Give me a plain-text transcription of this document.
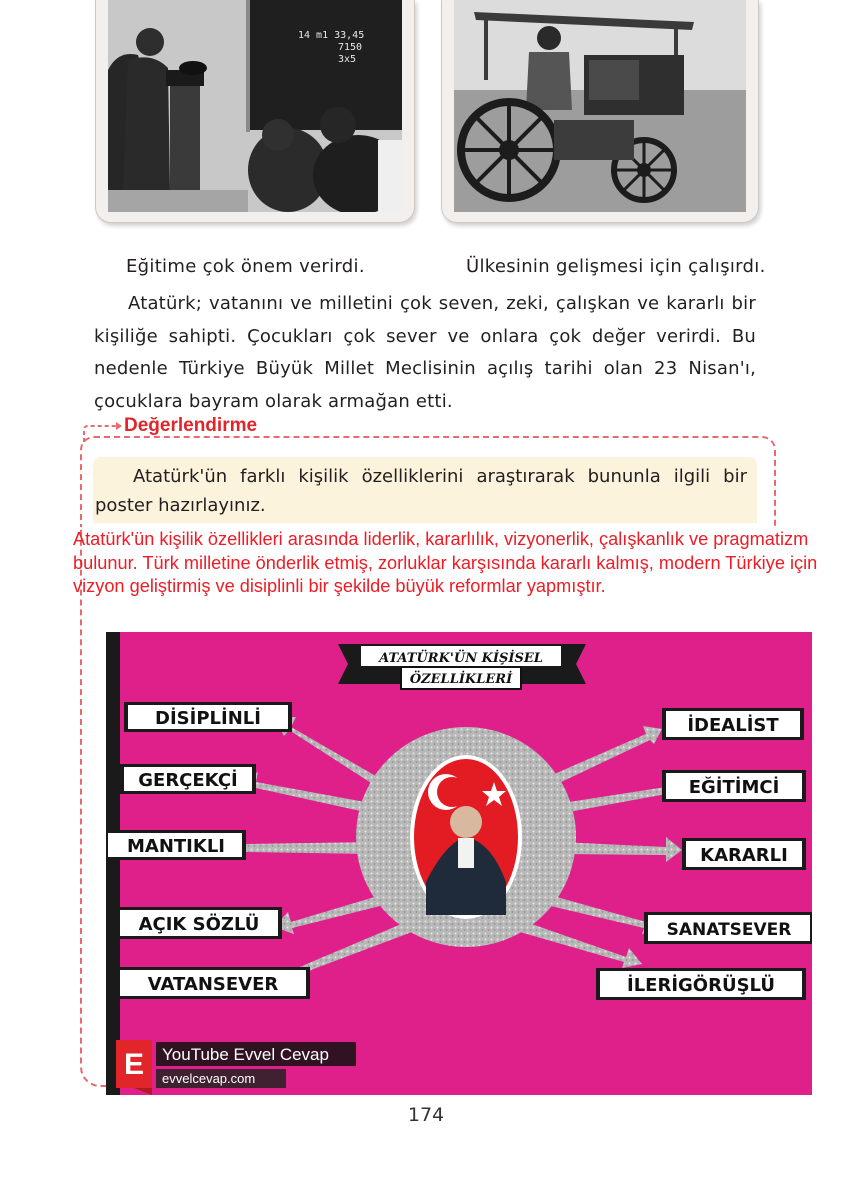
14 m1 33,45
7150
3x5
Eğitime çok önem verirdi.	Ülkesinin gelişmesi için çalışırdı.

Atatürk; vatanını ve milletini çok seven, zeki, çalışkan ve kararlı bir kişiliğe sahipti. Çocukları çok sever ve onlara çok değer verirdi. Bu nedenle Türkiye Büyük Millet Meclisinin açılış tarihi olan 23 Nisan'ı, çocuklara bayram olarak armağan etti.

Değerlendirme

Atatürk'ün farklı kişilik özelliklerini araştırarak bununla ilgili bir poster hazırlayınız.

Atatürk'ün kişilik özellikleri arasında liderlik, kararlılık, vizyonerlik, çalışkanlık ve pragmatizm bulunur. Türk milletine önderlik etmiş, zorluklar karşısında kararlı kalmış, modern Türkiye için vizyon geliştirmiş ve disiplinli bir şekilde büyük reformlar yapmıştır.

ATATÜRK'ÜN KİŞİSEL
ÖZELLİKLERİ
DİSİPLİNLİ
GERÇEKÇİ
MANTIKLI
AÇIK SÖZLÜ
VATANSEVER
İDEALİST
EĞİTİMCİ
KARARLI
SANATSEVER
İLERİGÖRÜŞLÜ
E YouTube Evvel Cevap
evvelcevap.com
174
